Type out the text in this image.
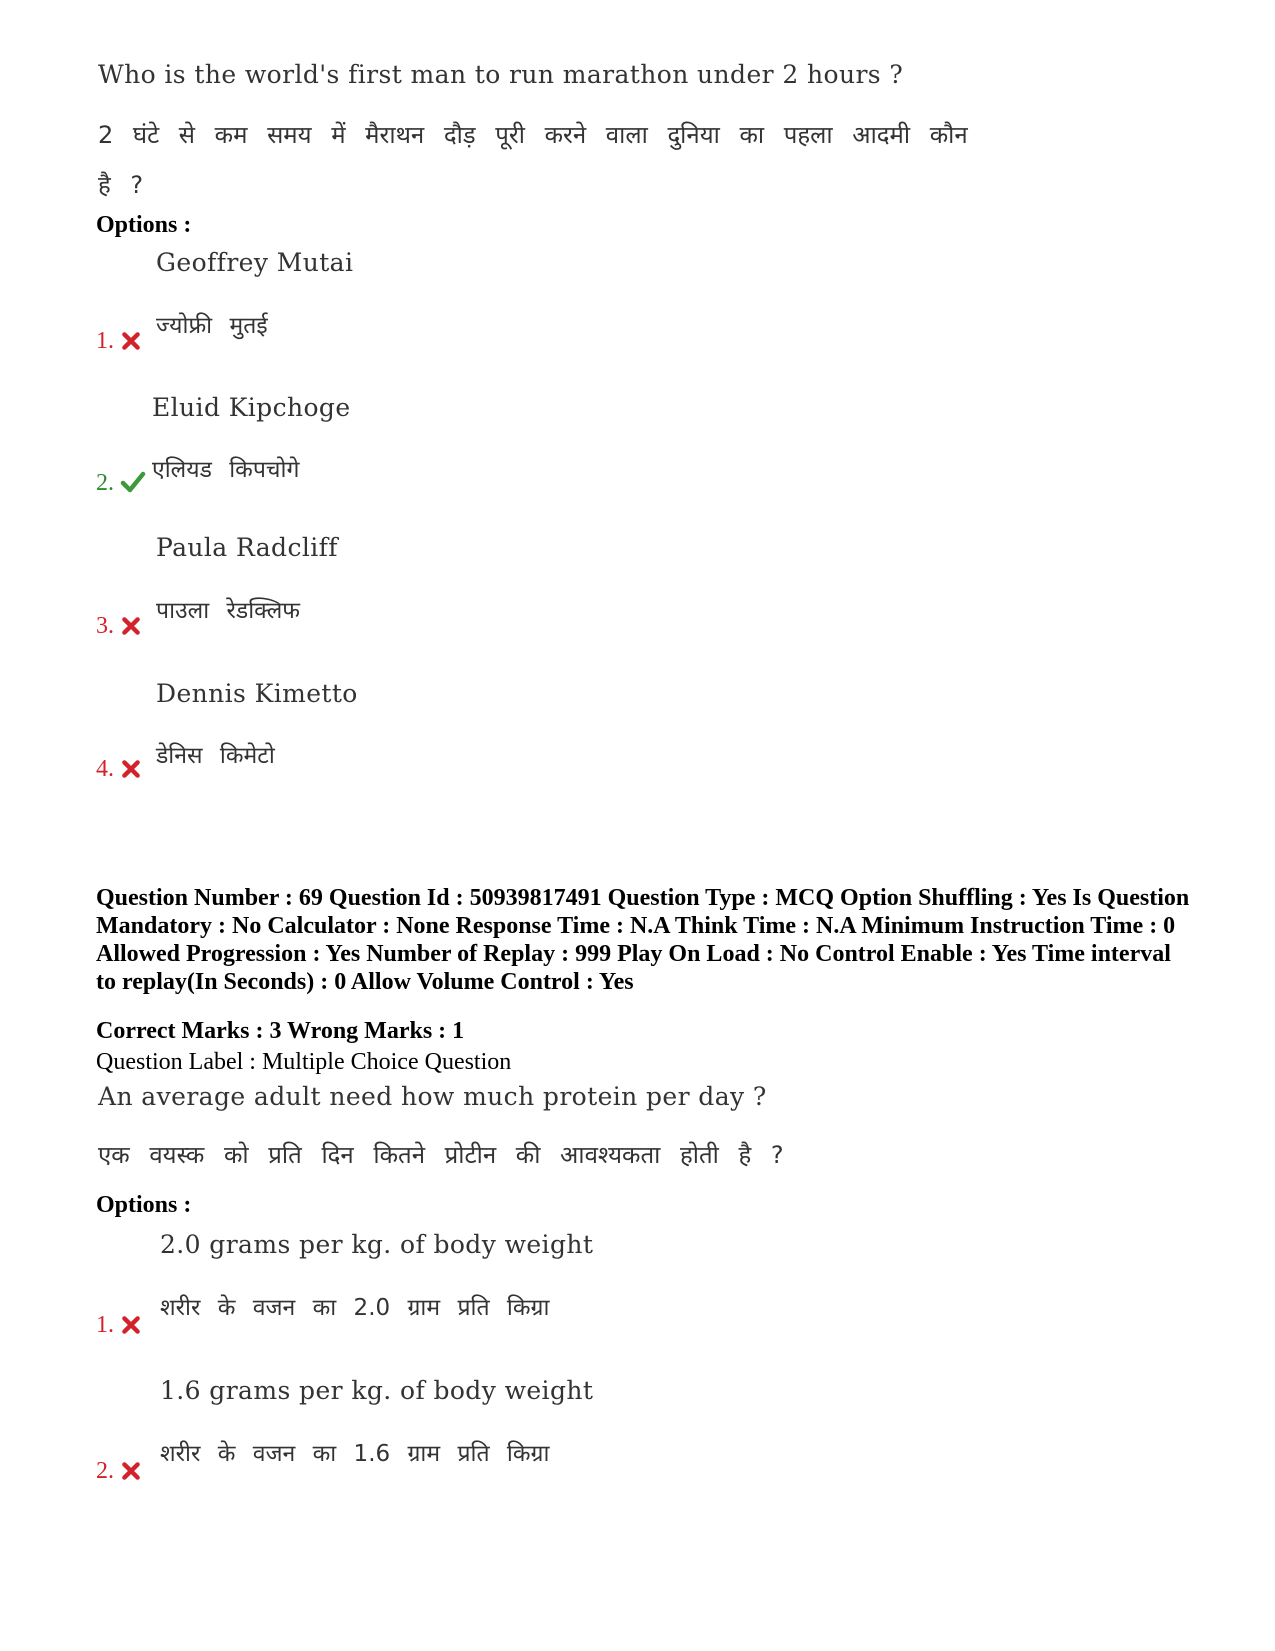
Who is the world's first man to run marathon under 2 hours ?
2 घंटे से कम समय में मैराथन दौड़ पूरी करने वाला दुनिया का पहला आदमी कौन
है ?
Options :
Geoffrey Mutai
ज्योफ्री मुतई
1.
Eluid Kipchoge
एलियड किपचोगे
2.
Paula Radcliff
पाउला रेडक्लिफ
3.
Dennis Kimetto
डेनिस किमेटो
4.
Question Number : 69 Question Id : 50939817491 Question Type : MCQ Option Shuffling : Yes Is Question Mandatory : No Calculator : None Response Time : N.A Think Time : N.A Minimum Instruction Time : 0 Allowed Progression : Yes Number of Replay : 999 Play On Load : No Control Enable : Yes Time interval to replay(In Seconds) : 0 Allow Volume Control : Yes
Correct Marks : 3 Wrong Marks : 1
Question Label : Multiple Choice Question
An average adult need how much protein per day ?
एक वयस्क को प्रति दिन कितने प्रोटीन की आवश्यकता होती है ?
Options :
2.0 grams per kg. of body weight
शरीर के वजन का 2.0 ग्राम प्रति किग्रा
1.
1.6 grams per kg. of body weight
शरीर के वजन का 1.6 ग्राम प्रति किग्रा
2.
